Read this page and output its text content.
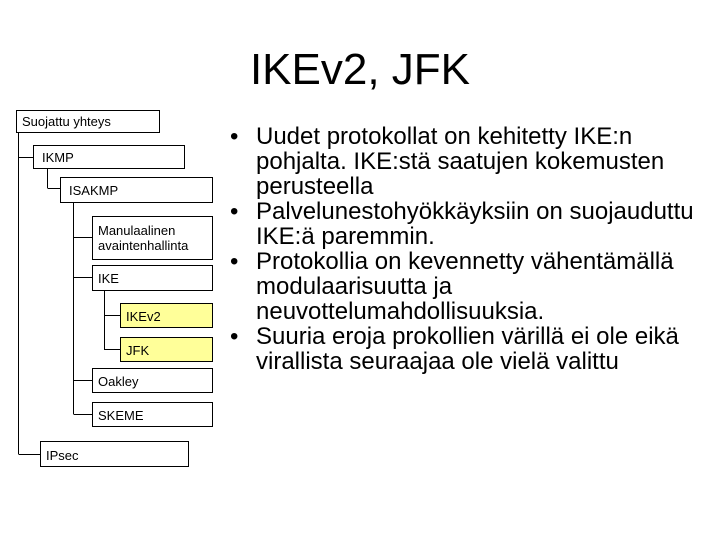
IKEv2, JFK
Suojattu yhteys
IKMP
ISAKMP
Manulaalinen avaintenhallinta
IKE
IKEv2
JFK
Oakley
SKEME
IPsec
• Uudet protokollat on kehitetty IKE:n pohjalta. IKE:stä saatujen kokemusten perusteella
• Palvelunestohyökkäyksiin on suojauduttu IKE:ä paremmin.
• Protokollia on kevennetty vähentämällä modulaarisuutta ja neuvottelumahdollisuuksia.
• Suuria eroja prokollien värillä ei ole eikä virallista seuraajaa ole vielä valittu
